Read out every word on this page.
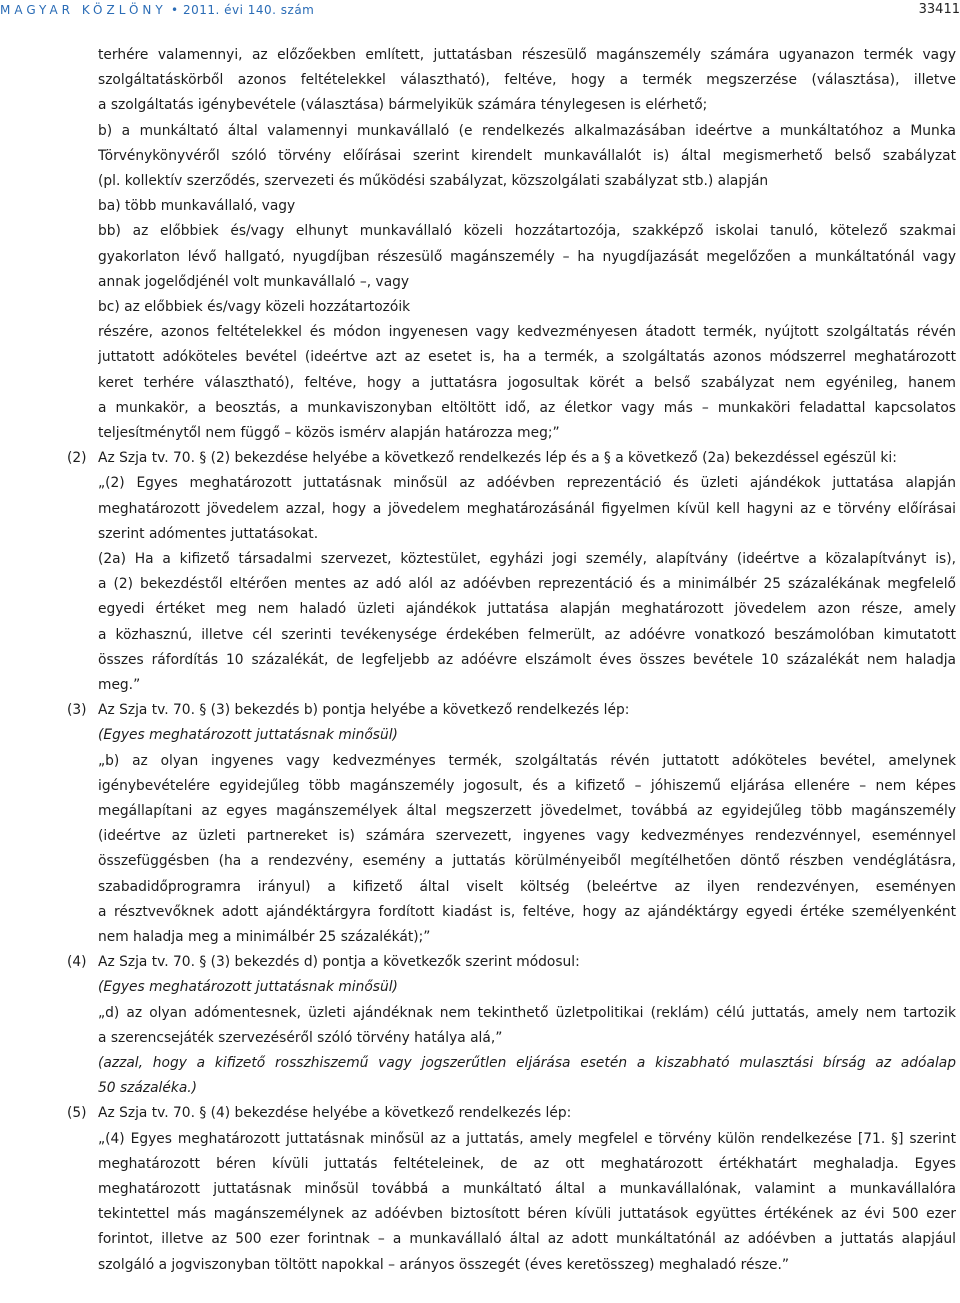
MAGYAR KÖZLÖNY • 2011. évi 140. szám	33411
terhére valamennyi, az előzőekben említett, juttatásban részesülő magánszemély számára ugyanazon termék vagy
szolgáltatáskörből azonos feltételekkel választható), feltéve, hogy a termék megszerzése (választása), illetve
a szolgáltatás igénybevétele (választása) bármelyikük számára ténylegesen is elérhető;
b) a munkáltató által valamennyi munkavállaló (e rendelkezés alkalmazásában ideértve a munkáltatóhoz a Munka
Törvénykönyvéről szóló törvény előírásai szerint kirendelt munkavállalót is) által megismerhető belső szabályzat
(pl. kollektív szerződés, szervezeti és működési szabályzat, közszolgálati szabályzat stb.) alapján
ba) több munkavállaló, vagy
bb) az előbbiek és/vagy elhunyt munkavállaló közeli hozzátartozója, szakképző iskolai tanuló, kötelező szakmai
gyakorlaton lévő hallgató, nyugdíjban részesülő magánszemély – ha nyugdíjazását megelőzően a munkáltatónál vagy
annak jogelődjénél volt munkavállaló –, vagy
bc) az előbbiek és/vagy közeli hozzátartozóik
részére, azonos feltételekkel és módon ingyenesen vagy kedvezményesen átadott termék, nyújtott szolgáltatás révén
juttatott adóköteles bevétel (ideértve azt az esetet is, ha a termék, a szolgáltatás azonos módszerrel meghatározott
keret terhére választható), feltéve, hogy a juttatásra jogosultak körét a belső szabályzat nem egyénileg, hanem
a munkakör, a beosztás, a munkaviszonyban eltöltött idő, az életkor vagy más – munkaköri feladattal kapcsolatos
teljesítménytől nem függő – közös ismérv alapján határozza meg;”
(2) Az Szja tv. 70. § (2) bekezdése helyébe a következő rendelkezés lép és a § a következő (2a) bekezdéssel egészül ki:
„(2) Egyes meghatározott juttatásnak minősül az adóévben reprezentáció és üzleti ajándékok juttatása alapján
meghatározott jövedelem azzal, hogy a jövedelem meghatározásánál figyelmen kívül kell hagyni az e törvény előírásai
szerint adómentes juttatásokat.
(2a) Ha a kifizető társadalmi szervezet, köztestület, egyházi jogi személy, alapítvány (ideértve a közalapítványt is),
a (2) bekezdéstől eltérően mentes az adó alól az adóévben reprezentáció és a minimálbér 25 százalékának megfelelő
egyedi értéket meg nem haladó üzleti ajándékok juttatása alapján meghatározott jövedelem azon része, amely
a közhasznú, illetve cél szerinti tevékenysége érdekében felmerült, az adóévre vonatkozó beszámolóban kimutatott
összes ráfordítás 10 százalékát, de legfeljebb az adóévre elszámolt éves összes bevétele 10 százalékát nem haladja
meg.”
(3) Az Szja tv. 70. § (3) bekezdés b) pontja helyébe a következő rendelkezés lép:
(Egyes meghatározott juttatásnak minősül)
„b) az olyan ingyenes vagy kedvezményes termék, szolgáltatás révén juttatott adóköteles bevétel, amelynek
igénybevételére egyidejűleg több magánszemély jogosult, és a kifizető – jóhiszemű eljárása ellenére – nem képes
megállapítani az egyes magánszemélyek által megszerzett jövedelmet, továbbá az egyidejűleg több magánszemély
(ideértve az üzleti partnereket is) számára szervezett, ingyenes vagy kedvezményes rendezvénnyel, eseménnyel
összefüggésben (ha a rendezvény, esemény a juttatás körülményeiből megítélhetően döntő részben vendéglátásra,
szabadidőprogramra irányul) a kifizető által viselt költség (beleértve az ilyen rendezvényen, eseményen
a résztvevőknek adott ajándéktárgyra fordított kiadást is, feltéve, hogy az ajándéktárgy egyedi értéke személyenként
nem haladja meg a minimálbér 25 százalékát);”
(4) Az Szja tv. 70. § (3) bekezdés d) pontja a következők szerint módosul:
(Egyes meghatározott juttatásnak minősül)
„d) az olyan adómentesnek, üzleti ajándéknak nem tekinthető üzletpolitikai (reklám) célú juttatás, amely nem tartozik
a szerencsejáték szervezéséről szóló törvény hatálya alá,”
(azzal, hogy a kifizető rosszhiszemű vagy jogszerűtlen eljárása esetén a kiszabható mulasztási bírság az adóalap
50 százaléka.)
(5) Az Szja tv. 70. § (4) bekezdése helyébe a következő rendelkezés lép:
„(4) Egyes meghatározott juttatásnak minősül az a juttatás, amely megfelel e törvény külön rendelkezése [71. §] szerint
meghatározott béren kívüli juttatás feltételeinek, de az ott meghatározott értékhatárt meghaladja. Egyes
meghatározott juttatásnak minősül továbbá a munkáltató által a munkavállalónak, valamint a munkavállalóra
tekintettel más magánszemélynek az adóévben biztosított béren kívüli juttatások együttes értékének az évi 500 ezer
forintot, illetve az 500 ezer forintnak – a munkavállaló által az adott munkáltatónál az adóévben a juttatás alapjául
szolgáló a jogviszonyban töltött napokkal – arányos összegét (éves keretösszeg) meghaladó része.”
